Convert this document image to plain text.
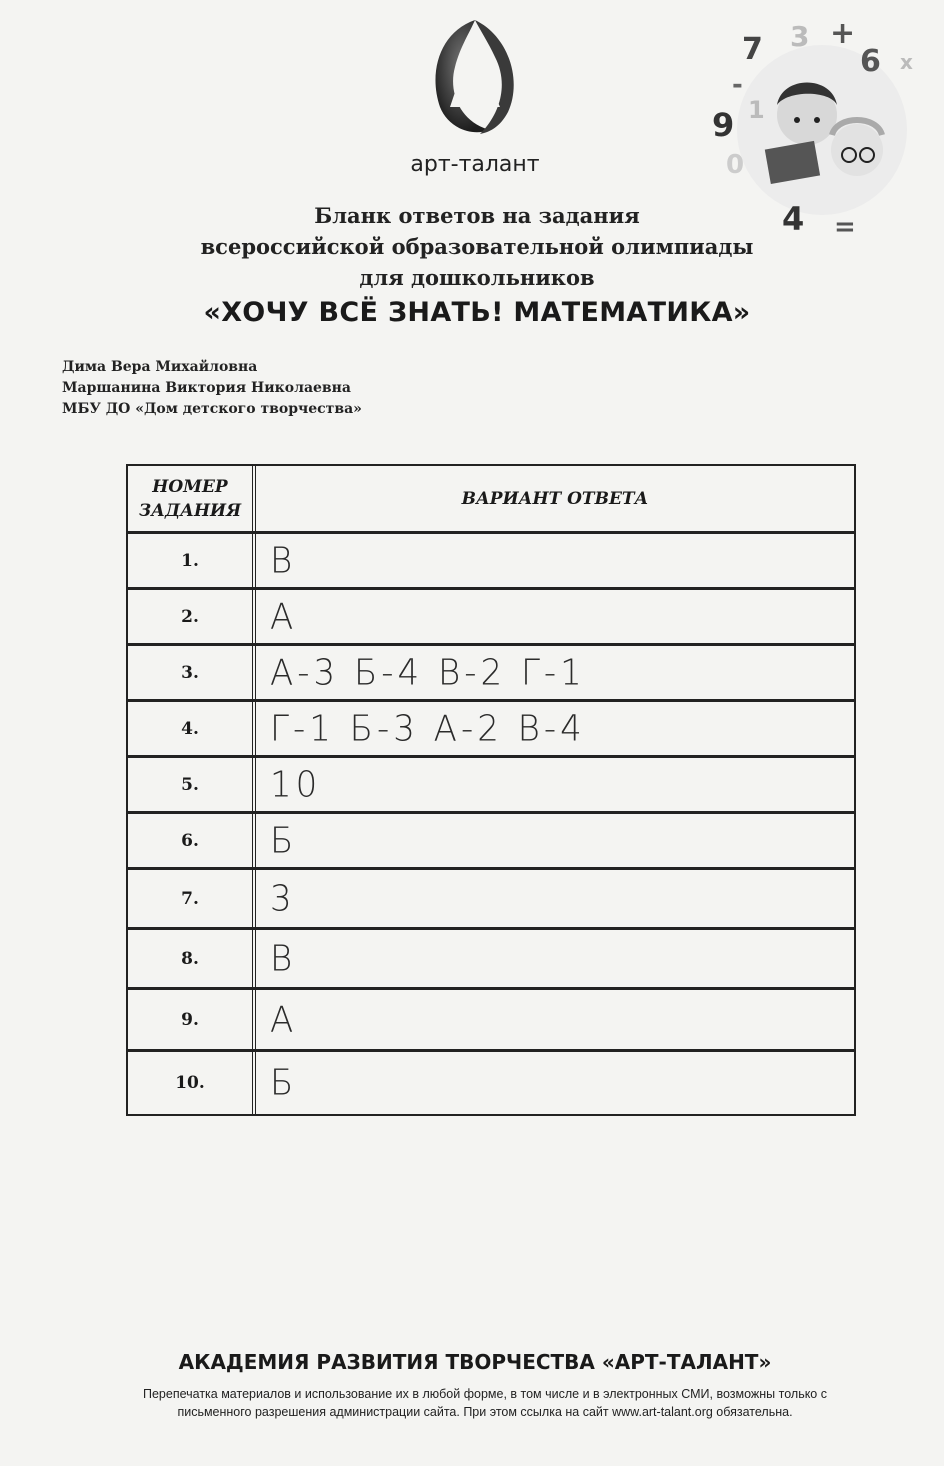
арт-талант
7 3 +
6 x
-
9 1
0
4 =
Бланк ответов на задания
всероссийской образовательной олимпиады
для дошкольников
«ХОЧУ ВСЁ ЗНАТЬ! МАТЕМАТИКА»
Дима Вера Михайловна
Маршанина Виктория Николаевна
МБУ ДО «Дом детского творчества»
НОМЕР
ЗАДАНИЯ
ВАРИАНТ ОТВЕТА
1.	В
2.	А
3.	А-3 Б-4 В-2 Г-1
4.	Г-1 Б-3 А-2 В-4
5.	10
6.	Б
7.	3
8.	В
9.	А
10.	Б
АКАДЕМИЯ РАЗВИТИЯ ТВОРЧЕСТВА «АРТ-ТАЛАНТ»
Перепечатка материалов и использование их в любой форме, в том числе и в электронных СМИ, возможны только с
письменного разрешения администрации сайта. При этом ссылка на сайт www.art-talant.org обязательна.
